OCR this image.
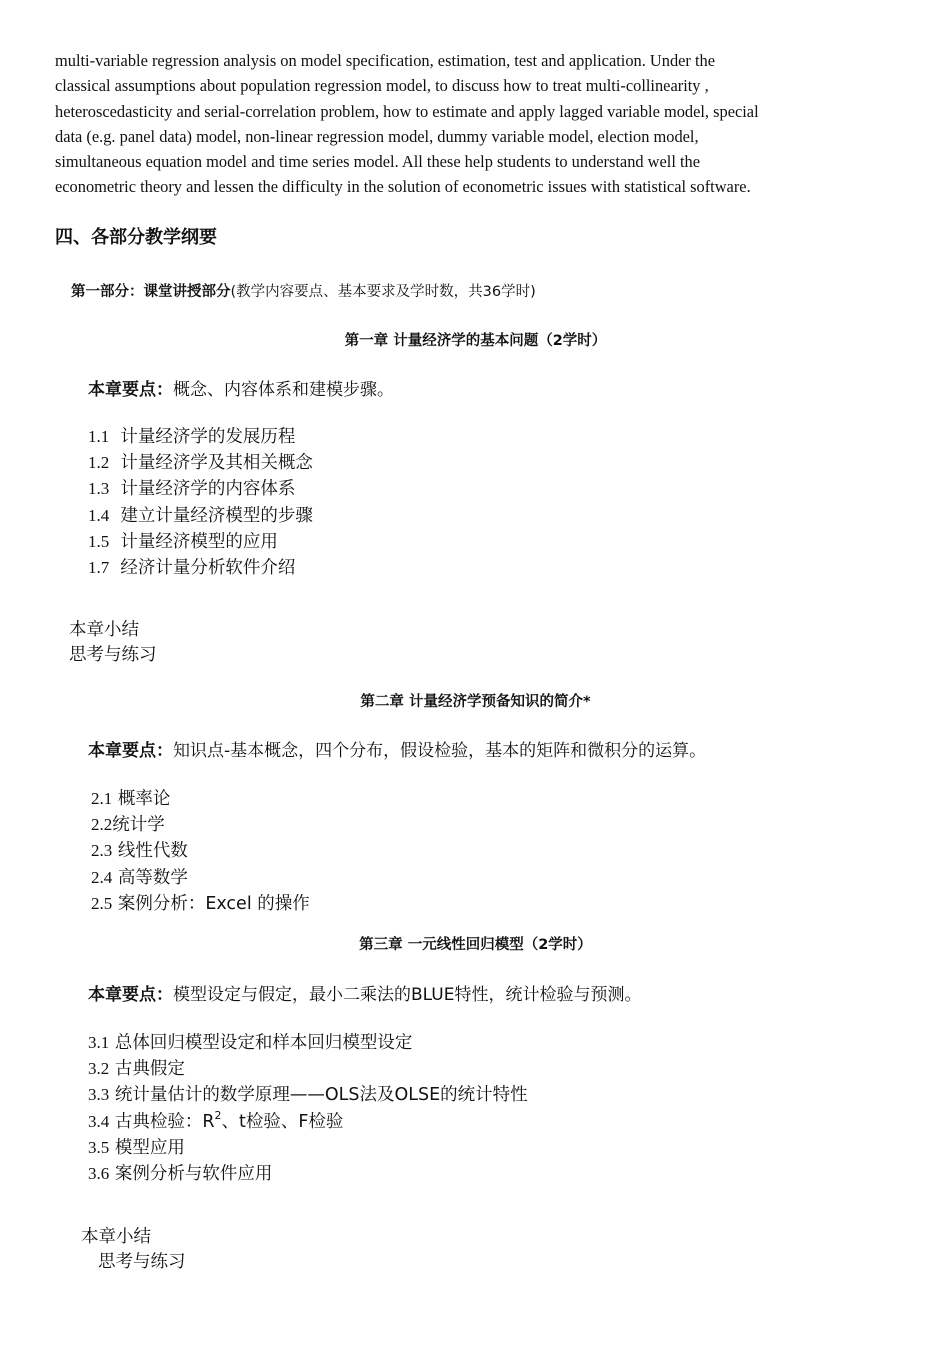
multi-variable regression analysis on model specification, estimation, test and application. Under the
classical assumptions about population regression model, to discuss how to treat multi-collinearity ,
heteroscedasticity and serial-correlation problem, how to estimate and apply lagged variable model, special
data (e.g. panel data) model, non-linear regression model, dummy variable model, election model,
simultaneous equation model and time series model. All these help students to understand well the
econometric theory and lessen the difficulty in the solution of econometric issues with statistical software.
四、各部分教学纲要
第一部分：课堂讲授部分(教学内容要点、基本要求及学时数，共36学时)
第一章 计量经济学的基本问题（2学时）
本章要点：概念、内容体系和建模步骤。
1.1 计量经济学的发展历程
1.2 计量经济学及其相关概念
1.3 计量经济学的内容体系
1.4 建立计量经济模型的步骤
1.5 计量经济模型的应用
1.7 经济计量分析软件介绍
本章小结
思考与练习
第二章 计量经济学预备知识的简介*
本章要点：知识点-基本概念，四个分布，假设检验，基本的矩阵和微积分的运算。
2.1 概率论
2.2统计学
2.3 线性代数
2.4 高等数学
2.5 案例分析：Excel 的操作
第三章 一元线性回归模型（2学时）
本章要点：模型设定与假定，最小二乘法的BLUE特性，统计检验与预测。
3.1 总体回归模型设定和样本回归模型设定
3.2 古典假定
3.3 统计量估计的数学原理——OLS法及OLSE的统计特性
3.4 古典检验：$R^2$、t检验、F检验
3.5 模型应用
3.6 案例分析与软件应用
本章小结
思考与练习
